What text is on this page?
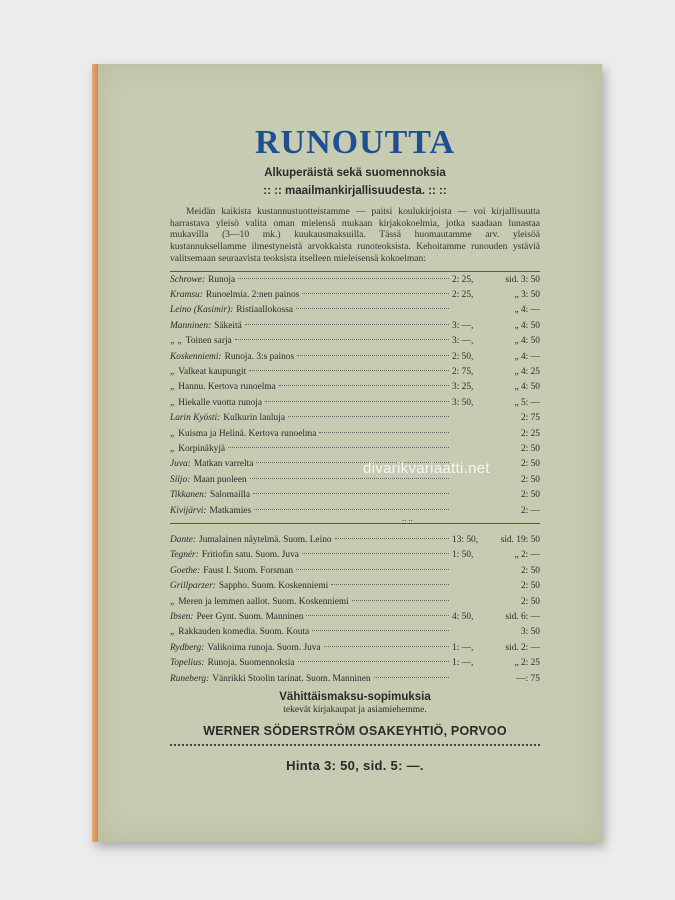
RUNOUTTA
Alkuperäistä sekä suomennoksia
:: :: maailmankirjallisuudesta. :: ::
Meidän kaikista kustannustuotteistamme — paitsi koulukirjoista — voi kirjallisuutta harrastava yleisö valita oman mielensä mukaan kirjakokoelmia, jotka saadaan lunastaa mukavilla (3—10 mk.) kuukausmaksuilla. Tässä huomautamme arv. yleisöä kustannuksellamme ilmestyneistä arvokkaista runoteoksista. Kehoitamme runouden ystäviä valitsemaan seuraavista teoksista itselleen mieleisensä kokoelman:
Schrowe: Runoja	2: 25,	sid. 3: 50
Kramsu: Runoelmia. 2:nen painos	2: 25,	„ 3: 50
Leino (Kasimir): Ristiaallokossa	„ 4: —
Manninen: Säkeitä	3: —,	„ 4: 50
„ „ Toinen sarja	3: —,	„ 4: 50
Koskenniemi: Runoja. 3:s painos	2: 50,	„ 4: —
„ Valkeat kaupungit	2: 75,	„ 4: 25
„ Hannu. Kertova runoelma	3: 25,	„ 4: 50
„ Hiekalle vuotta runoja	3: 50,	„ 5: —
Larin Kyösti: Kulkurin lauluja	2: 75
„ Kuisma ja Helinä. Kertova runoelma	2: 25
„ Korpinäkyjä	2: 50
Juva: Matkan varrelta	2: 50
Siljo: Maan puoleen	2: 50
Tikkanen: Salomailla	2: 50
Kivijärvi: Matkamies	2: —
:: ::
Dante: Jumalainen näytelmä. Suom. Leino	13: 50,	sid. 19: 50
Tegnér: Fritiofin satu. Suom. Juva	1: 50,	„ 2: —
Goethe: Faust I. Suom. Forsman	2: 50
Grillparzer: Sappho. Suom. Koskenniemi	2: 50
„ Meren ja lemmen aallot. Suom. Koskenniemi	2: 50
Ibsen: Peer Gynt. Suom. Manninen	4: 50,	sid. 6: —
„ Rakkauden komedia. Suom. Kouta	3: 50
Rydberg: Valikoima runoja. Suom. Juva	1: —,	sid. 2: —
Topelius: Runoja. Suomennoksia	1: —,	„ 2: 25
Runeberg: Vänrikki Stoolin tarinat. Suom. Manninen	—: 75
Vähittäismaksu-sopimuksia
tekevät kirjakaupat ja asiamiehemme.
WERNER SÖDERSTRÖM OSAKEYHTIÖ, PORVOO
Hinta 3: 50, sid. 5: —.
divarikvariaatti.net
